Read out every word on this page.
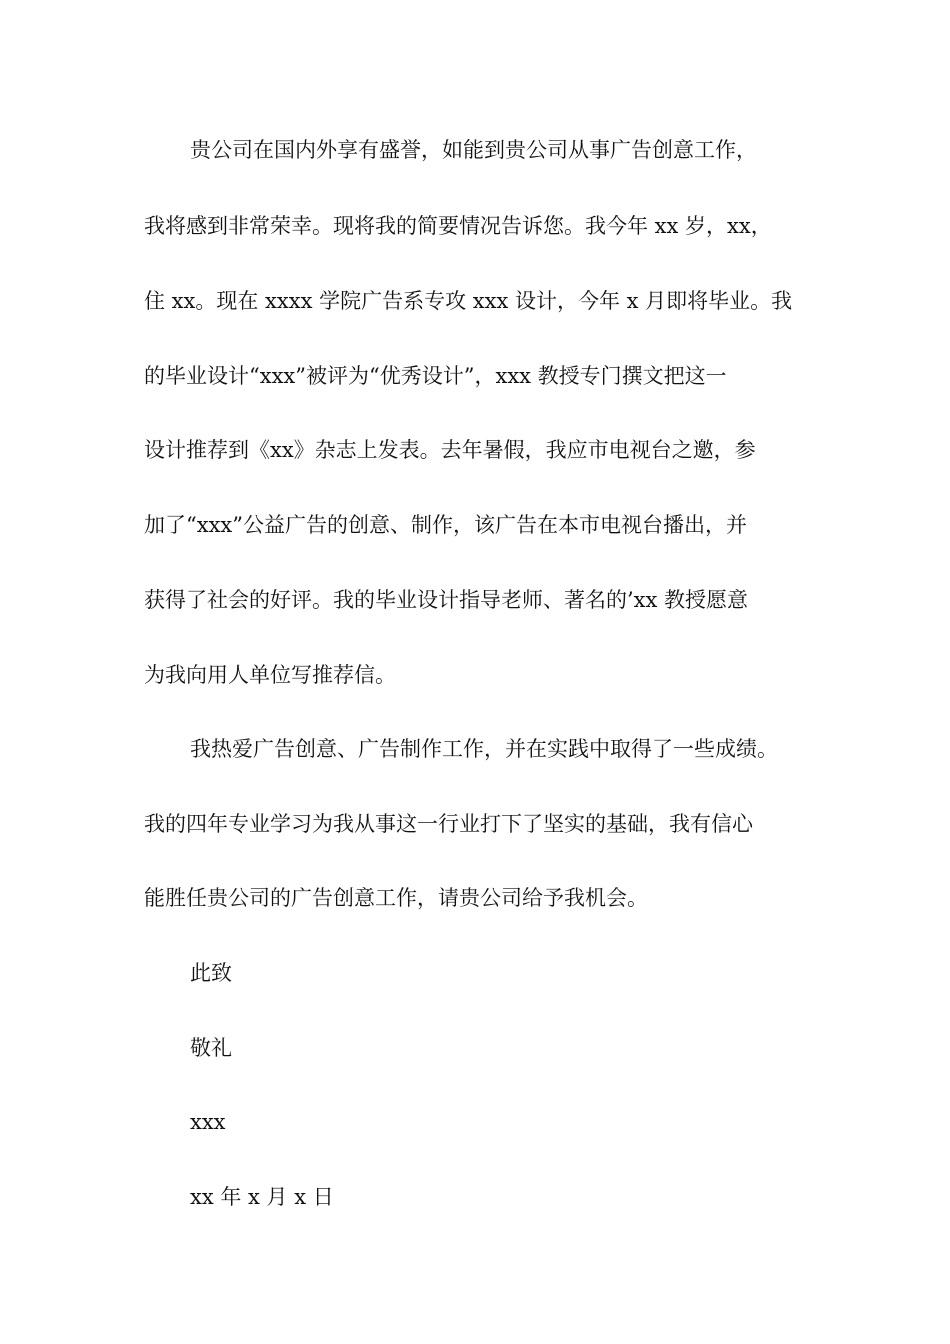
贵公司在国内外享有盛誉，如能到贵公司从事广告创意工作，
我将感到非常荣幸。现将我的简要情况告诉您。我今年 xx 岁，xx，
住 xx。现在 xxxx 学院广告系专攻 xxx 设计，今年 x 月即将毕业。我
的毕业设计“xxx”被评为“优秀设计”，xxx 教授专门撰文把这一
设计推荐到《xx》杂志上发表。去年暑假，我应市电视台之邀，参
加了“xxx”公益广告的创意、制作，该广告在本市电视台播出，并
获得了社会的好评。我的毕业设计指导老师、著名的’xx 教授愿意
为我向用人单位写推荐信。
我热爱广告创意、广告制作工作，并在实践中取得了一些成绩。
我的四年专业学习为我从事这一行业打下了坚实的基础，我有信心
能胜任贵公司的广告创意工作，请贵公司给予我机会。
此致
敬礼
xxx
xx 年 x 月 x 日
